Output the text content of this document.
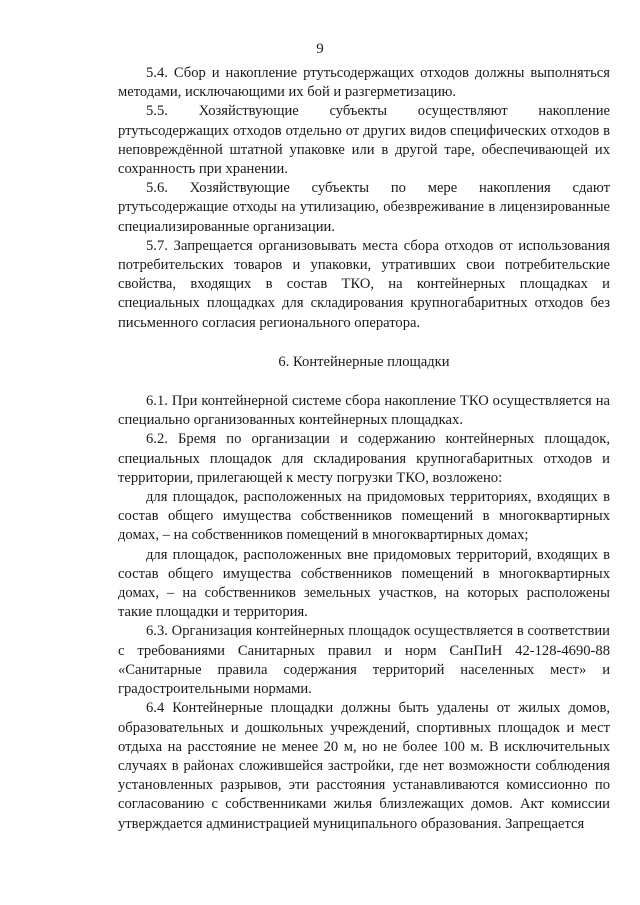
9

5.4. Сбор и накопление ртутьсодержащих отходов должны выполняться методами, исключающими их бой и разгерметизацию.

5.5. Хозяйствующие субъекты осуществляют накопление ртутьсодержащих отходов отдельно от других видов специфических отходов в неповреждённой штатной упаковке или в другой таре, обеспечивающей их сохранность при хранении.

5.6. Хозяйствующие субъекты по мере накопления сдают ртутьсодержащие отходы на утилизацию, обезвреживание в лицензированные специализированные организации.

5.7. Запрещается организовывать места сбора отходов от использования потребительских товаров и упаковки, утративших свои потребительские свойства, входящих в состав ТКО, на контейнерных площадках и специальных площадках для складирования крупногабаритных отходов без письменного согласия регионального оператора.

6. Контейнерные площадки

6.1. При контейнерной системе сбора накопление ТКО осуществляется на специально организованных контейнерных площадках.

6.2. Бремя по организации и содержанию контейнерных площадок, специальных площадок для складирования крупногабаритных отходов и территории, прилегающей к месту погрузки ТКО, возложено:

для площадок, расположенных на придомовых территориях, входящих в состав общего имущества собственников помещений в многоквартирных домах, – на собственников помещений в многоквартирных домах;

для площадок, расположенных вне придомовых территорий, входящих в состав общего имущества собственников помещений в многоквартирных домах, – на собственников земельных участков, на которых расположены такие площадки и территория.

6.3. Организация контейнерных площадок осуществляется в соответствии с требованиями Санитарных правил и норм СанПиН 42-128-4690-88 «Санитарные правила содержания территорий населенных мест» и градостроительными нормами.

6.4 Контейнерные площадки должны быть удалены от жилых домов, образовательных и дошкольных учреждений, спортивных площадок и мест отдыха на расстояние не менее 20 м, но не более 100 м. В исключительных случаях в районах сложившейся застройки, где нет возможности соблюдения установленных разрывов, эти расстояния устанавливаются комиссионно по согласованию с собственниками жилья близлежащих домов. Акт комиссии утверждается администрацией муниципального образования. Запрещается
